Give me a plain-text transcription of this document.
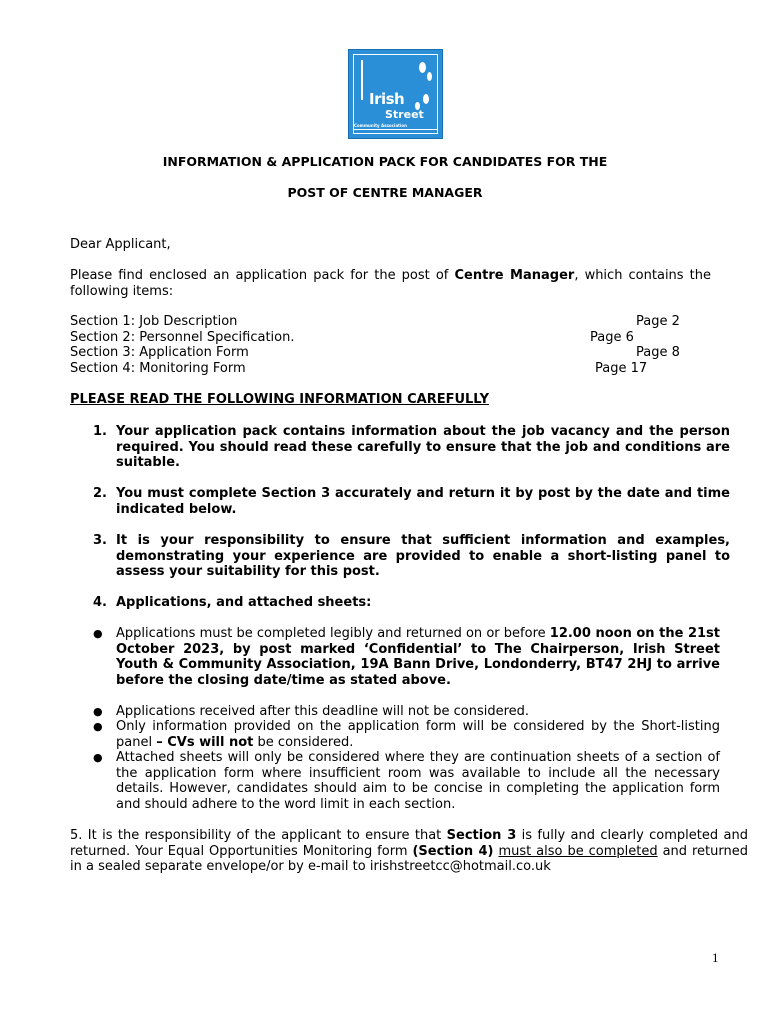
Irish
Street
Community Association
INFORMATION & APPLICATION PACK FOR CANDIDATES FOR THE
POST OF CENTRE MANAGER
Dear Applicant,
Please find enclosed an application pack for the post of Centre Manager, which contains the following items:
Section 1: Job Description	Page 2
Section 2: Personnel Specification.	Page 6
Section 3: Application Form	Page 8
Section 4: Monitoring Form	Page 17
PLEASE READ THE FOLLOWING INFORMATION CAREFULLY
1. Your application pack contains information about the job vacancy and the person required. You should read these carefully to ensure that the job and conditions are suitable.
2. You must complete Section 3 accurately and return it by post by the date and time indicated below.
3. It is your responsibility to ensure that sufficient information and examples, demonstrating your experience are provided to enable a short-listing panel to assess your suitability for this post.
4. Applications, and attached sheets:
● Applications must be completed legibly and returned on or before 12.00 noon on the 21st October 2023, by post marked ‘Confidential’ to The Chairperson, Irish Street Youth & Community Association, 19A Bann Drive, Londonderry, BT47 2HJ to arrive before the closing date/time as stated above.
● Applications received after this deadline will not be considered.
● Only information provided on the application form will be considered by the Short-listing panel – CVs will not be considered.
● Attached sheets will only be considered where they are continuation sheets of a section of the application form where insufficient room was available to include all the necessary details. However, candidates should aim to be concise in completing the application form and should adhere to the word limit in each section.
5. It is the responsibility of the applicant to ensure that Section 3 is fully and clearly completed and returned. Your Equal Opportunities Monitoring form (Section 4) must also be completed and returned in a sealed separate envelope/or by e-mail to irishstreetcc@hotmail.co.uk
1
